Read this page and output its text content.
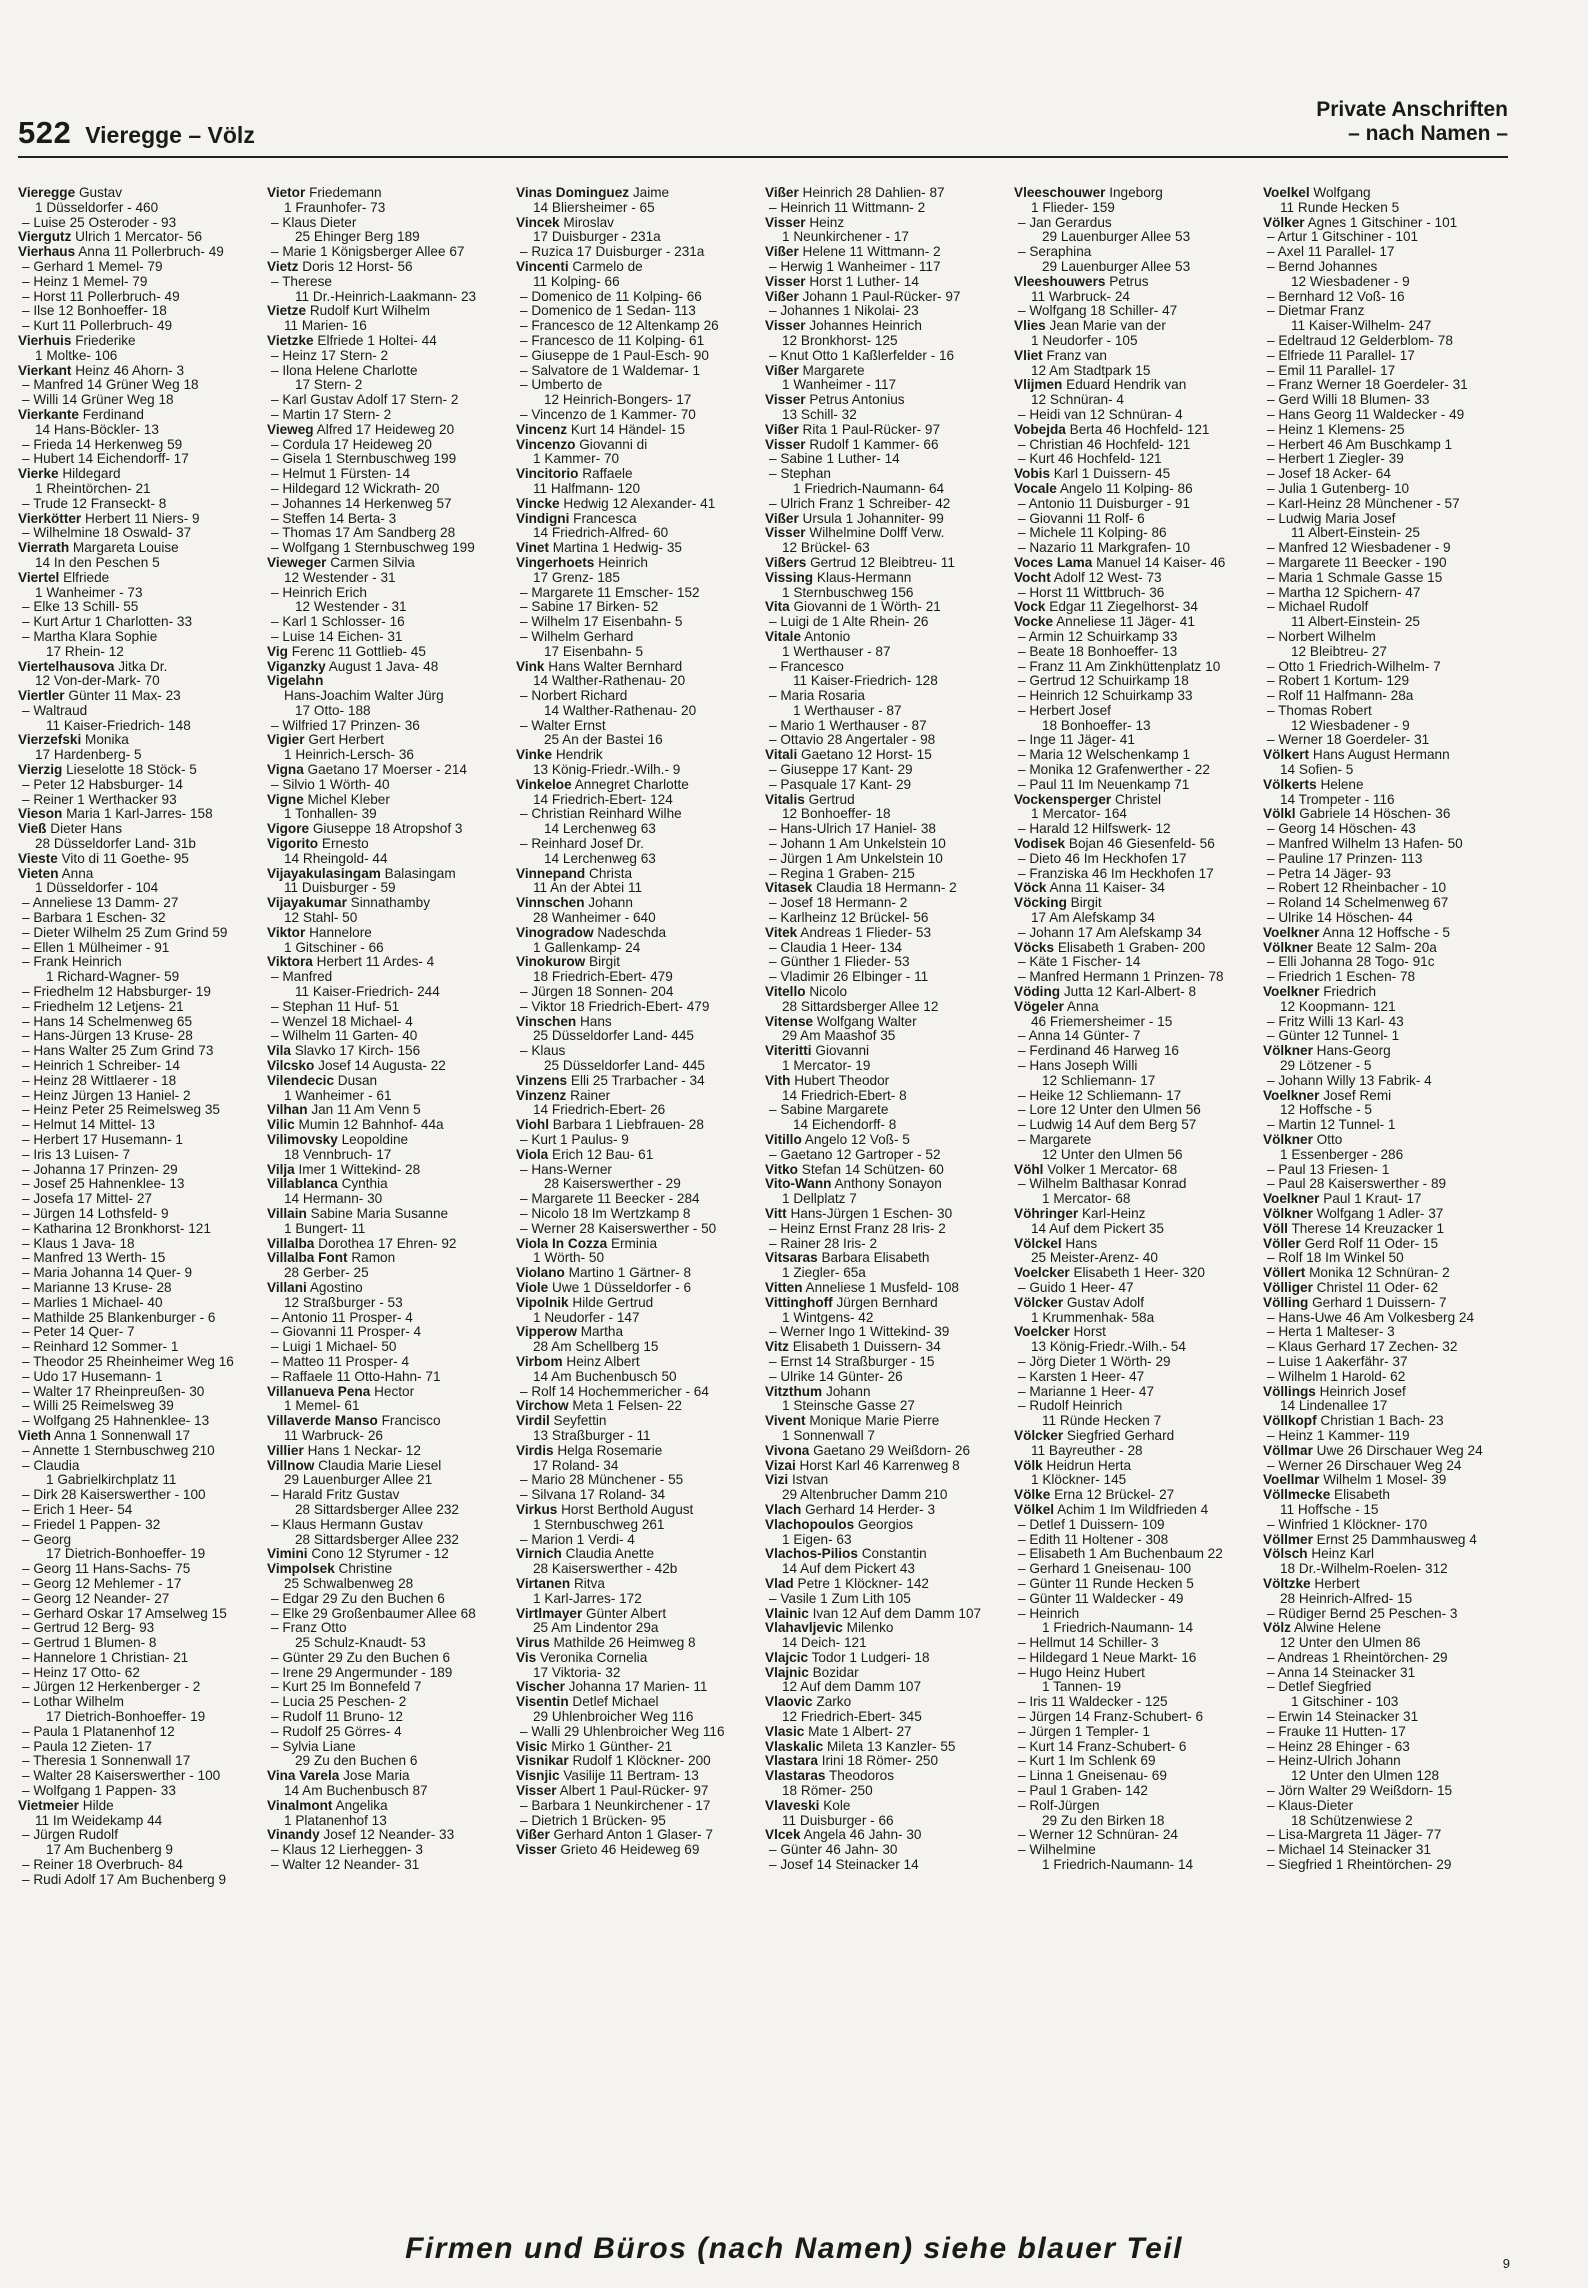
522 Vieregge – Völz
Private Anschriften
– nach Namen –
Vieregge Gustav
1 Düsseldorfer - 460
– Luise 25 Osteroder - 93
Viergutz Ulrich 1 Mercator- 56
Vierhaus Anna 11 Pollerbruch- 49
– Gerhard 1 Memel- 79
– Heinz 1 Memel- 79
– Horst 11 Pollerbruch- 49
– Ilse 12 Bonhoeffer- 18
– Kurt 11 Pollerbruch- 49
Vierhuis Friederike
1 Moltke- 106
Vierkant Heinz 46 Ahorn- 3
– Manfred 14 Grüner Weg 18
– Willi 14 Grüner Weg 18
Vierkante Ferdinand
14 Hans-Böckler- 13
– Frieda 14 Herkenweg 59
– Hubert 14 Eichendorff- 17
Vierke Hildegard
1 Rheintörchen- 21
– Trude 12 Franseckt- 8
Vierkötter Herbert 11 Niers- 9
– Wilhelmine 18 Oswald- 37
Vierrath Margareta Louise
14 In den Peschen 5
Viertel Elfriede
1 Wanheimer - 73
– Elke 13 Schill- 55
– Kurt Artur 1 Charlotten- 33
– Martha Klara Sophie
17 Rhein- 12
Viertelhausova Jitka Dr.
12 Von-der-Mark- 70
Viertler Günter 11 Max- 23
– Waltraud
11 Kaiser-Friedrich- 148
Vierzefski Monika
17 Hardenberg- 5
Vierzig Lieselotte 18 Stöck- 5
– Peter 12 Habsburger- 14
– Reiner 1 Werthacker 93
Vieson Maria 1 Karl-Jarres- 158
Vieß Dieter Hans
28 Düsseldorfer Land- 31b
Vieste Vito di 11 Goethe- 95
Vieten Anna
1 Düsseldorfer - 104
– Anneliese 13 Damm- 27
– Barbara 1 Eschen- 32
– Dieter Wilhelm 25 Zum Grind 59
– Ellen 1 Mülheimer - 91
– Frank Heinrich
1 Richard-Wagner- 59
– Friedhelm 12 Habsburger- 19
– Friedhelm 12 Letjens- 21
– Hans 14 Schelmenweg 65
– Hans-Jürgen 13 Kruse- 28
– Hans Walter 25 Zum Grind 73
– Heinrich 1 Schreiber- 14
– Heinz 28 Wittlaerer - 18
– Heinz Jürgen 13 Haniel- 2
– Heinz Peter 25 Reimelsweg 35
– Helmut 14 Mittel- 13
– Herbert 17 Husemann- 1
– Iris 13 Luisen- 7
– Johanna 17 Prinzen- 29
– Josef 25 Hahnenklee- 13
– Josefa 17 Mittel- 27
– Jürgen 14 Lothsfeld- 9
– Katharina 12 Bronkhorst- 121
– Klaus 1 Java- 18
– Manfred 13 Werth- 15
– Maria Johanna 14 Quer- 9
– Marianne 13 Kruse- 28
– Marlies 1 Michael- 40
– Mathilde 25 Blankenburger - 6
– Peter 14 Quer- 7
– Reinhard 12 Sommer- 1
– Theodor 25 Rheinheimer Weg 16
– Udo 17 Husemann- 1
– Walter 17 Rheinpreußen- 30
– Willi 25 Reimelsweg 39
– Wolfgang 25 Hahnenklee- 13
Vieth Anna 1 Sonnenwall 17
– Annette 1 Sternbuschweg 210
– Claudia
1 Gabrielkirchplatz 11
– Dirk 28 Kaiserswerther - 100
– Erich 1 Heer- 54
– Friedel 1 Pappen- 32
– Georg
17 Dietrich-Bonhoeffer- 19
– Georg 11 Hans-Sachs- 75
– Georg 12 Mehlemer - 17
– Georg 12 Neander- 27
– Gerhard Oskar 17 Amselweg 15
– Gertrud 12 Berg- 93
– Gertrud 1 Blumen- 8
– Hannelore 1 Christian- 21
– Heinz 17 Otto- 62
– Jürgen 12 Herkenberger - 2
– Lothar Wilhelm
17 Dietrich-Bonhoeffer- 19
– Paula 1 Platanenhof 12
– Paula 12 Zieten- 17
– Theresia 1 Sonnenwall 17
– Walter 28 Kaiserswerther - 100
– Wolfgang 1 Pappen- 33
Vietmeier Hilde
11 Im Weidekamp 44
– Jürgen Rudolf
17 Am Buchenberg 9
– Reiner 18 Overbruch- 84
– Rudi Adolf 17 Am Buchenberg 9
Vietor Friedemann
1 Fraunhofer- 73
– Klaus Dieter
25 Ehinger Berg 189
– Marie 1 Königsberger Allee 67
Vietz Doris 12 Horst- 56
– Therese
11 Dr.-Heinrich-Laakmann- 23
Vietze Rudolf Kurt Wilhelm
11 Marien- 16
Vietzke Elfriede 1 Holtei- 44
– Heinz 17 Stern- 2
– Ilona Helene Charlotte
17 Stern- 2
– Karl Gustav Adolf 17 Stern- 2
– Martin 17 Stern- 2
Vieweg Alfred 17 Heideweg 20
– Cordula 17 Heideweg 20
– Gisela 1 Sternbuschweg 199
– Helmut 1 Fürsten- 14
– Hildegard 12 Wickrath- 20
– Johannes 14 Herkenweg 57
– Steffen 14 Berta- 3
– Thomas 17 Am Sandberg 28
– Wolfgang 1 Sternbuschweg 199
Vieweger Carmen Silvia
12 Westender - 31
– Heinrich Erich
12 Westender - 31
– Karl 1 Schlosser- 16
– Luise 14 Eichen- 31
Vig Ferenc 11 Gottlieb- 45
Viganzky August 1 Java- 48
Vigelahn
Hans-Joachim Walter Jürg
17 Otto- 188
– Wilfried 17 Prinzen- 36
Vigier Gert Herbert
1 Heinrich-Lersch- 36
Vigna Gaetano 17 Moerser - 214
– Silvio 1 Wörth- 40
Vigne Michel Kleber
1 Tonhallen- 39
Vigore Giuseppe 18 Atropshof 3
Vigorito Ernesto
14 Rheingold- 44
Vijayakulasingam Balasingam
11 Duisburger - 59
Vijayakumar Sinnathamby
12 Stahl- 50
Viktor Hannelore
1 Gitschiner - 66
Viktora Herbert 11 Ardes- 4
– Manfred
11 Kaiser-Friedrich- 244
– Stephan 11 Huf- 51
– Wenzel 18 Michael- 4
– Wilhelm 11 Garten- 40
Vila Slavko 17 Kirch- 156
Vilcsko Josef 14 Augusta- 22
Vilendecic Dusan
1 Wanheimer - 61
Vilhan Jan 11 Am Venn 5
Vilic Mumin 12 Bahnhof- 44a
Vilimovsky Leopoldine
18 Vennbruch- 17
Vilja Imer 1 Wittekind- 28
Villablanca Cynthia
14 Hermann- 30
Villain Sabine Maria Susanne
1 Bungert- 11
Villalba Dorothea 17 Ehren- 92
Villalba Font Ramon
28 Gerber- 25
Villani Agostino
12 Straßburger - 53
– Antonio 11 Prosper- 4
– Giovanni 11 Prosper- 4
– Luigi 1 Michael- 50
– Matteo 11 Prosper- 4
– Raffaele 11 Otto-Hahn- 71
Villanueva Pena Hector
1 Memel- 61
Villaverde Manso Francisco
11 Warbruck- 26
Villier Hans 1 Neckar- 12
Villnow Claudia Marie Liesel
29 Lauenburger Allee 21
– Harald Fritz Gustav
28 Sittardsberger Allee 232
– Klaus Hermann Gustav
28 Sittardsberger Allee 232
Vimini Cono 12 Styrumer - 12
Vimpolsek Christine
25 Schwalbenweg 28
– Edgar 29 Zu den Buchen 6
– Elke 29 Großenbaumer Allee 68
– Franz Otto
25 Schulz-Knaudt- 53
– Günter 29 Zu den Buchen 6
– Irene 29 Angermunder - 189
– Kurt 25 Im Bonnefeld 7
– Lucia 25 Peschen- 2
– Rudolf 11 Bruno- 12
– Rudolf 25 Görres- 4
– Sylvia Liane
29 Zu den Buchen 6
Vina Varela Jose Maria
14 Am Buchenbusch 87
Vinalmont Angelika
1 Platanenhof 13
Vinandy Josef 12 Neander- 33
– Klaus 12 Lierheggen- 3
– Walter 12 Neander- 31
Vinas Dominguez Jaime
14 Bliersheimer - 65
Vincek Miroslav
17 Duisburger - 231a
– Ruzica 17 Duisburger - 231a
Vincenti Carmelo de
11 Kolping- 66
– Domenico de 11 Kolping- 66
– Domenico de 1 Sedan- 113
– Francesco de 12 Altenkamp 26
– Francesco de 11 Kolping- 61
– Giuseppe de 1 Paul-Esch- 90
– Salvatore de 1 Waldemar- 1
– Umberto de
12 Heinrich-Bongers- 17
– Vincenzo de 1 Kammer- 70
Vincenz Kurt 14 Händel- 15
Vincenzo Giovanni di
1 Kammer- 70
Vincitorio Raffaele
11 Halfmann- 120
Vincke Hedwig 12 Alexander- 41
Vindigni Francesca
14 Friedrich-Alfred- 60
Vinet Martina 1 Hedwig- 35
Vingerhoets Heinrich
17 Grenz- 185
– Margarete 11 Emscher- 152
– Sabine 17 Birken- 52
– Wilhelm 17 Eisenbahn- 5
– Wilhelm Gerhard
17 Eisenbahn- 5
Vink Hans Walter Bernhard
14 Walther-Rathenau- 20
– Norbert Richard
14 Walther-Rathenau- 20
– Walter Ernst
25 An der Bastei 16
Vinke Hendrik
13 König-Friedr.-Wilh.- 9
Vinkeloe Annegret Charlotte
14 Friedrich-Ebert- 124
– Christian Reinhard Wilhe
14 Lerchenweg 63
– Reinhard Josef Dr.
14 Lerchenweg 63
Vinnepand Christa
11 An der Abtei 11
Vinnschen Johann
28 Wanheimer - 640
Vinogradow Nadeschda
1 Gallenkamp- 24
Vinokurow Birgit
18 Friedrich-Ebert- 479
– Jürgen 18 Sonnen- 204
– Viktor 18 Friedrich-Ebert- 479
Vinschen Hans
25 Düsseldorfer Land- 445
– Klaus
25 Düsseldorfer Land- 445
Vinzens Elli 25 Trarbacher - 34
Vinzenz Rainer
14 Friedrich-Ebert- 26
Viohl Barbara 1 Liebfrauen- 28
– Kurt 1 Paulus- 9
Viola Erich 12 Bau- 61
– Hans-Werner
28 Kaiserswerther - 29
– Margarete 11 Beecker - 284
– Nicolo 18 Im Wertzkamp 8
– Werner 28 Kaiserswerther - 50
Viola In Cozza Erminia
1 Wörth- 50
Violano Martino 1 Gärtner- 8
Viole Uwe 1 Düsseldorfer - 6
Vipolnik Hilde Gertrud
1 Neudorfer - 147
Vipperow Martha
28 Am Schellberg 15
Virbom Heinz Albert
14 Am Buchenbusch 50
– Rolf 14 Hochemmericher - 64
Virchow Meta 1 Felsen- 22
Virdil Seyfettin
13 Straßburger - 11
Virdis Helga Rosemarie
17 Roland- 34
– Mario 28 Münchener - 55
– Silvana 17 Roland- 34
Virkus Horst Berthold August
1 Sternbuschweg 261
– Marion 1 Verdi- 4
Virnich Claudia Anette
28 Kaiserswerther - 42b
Virtanen Ritva
1 Karl-Jarres- 172
Virtlmayer Günter Albert
25 Am Lindentor 29a
Virus Mathilde 26 Heimweg 8
Vis Veronika Cornelia
17 Viktoria- 32
Vischer Johanna 17 Marien- 11
Visentin Detlef Michael
29 Uhlenbroicher Weg 116
– Walli 29 Uhlenbroicher Weg 116
Visic Mirko 1 Günther- 21
Visnikar Rudolf 1 Klöckner- 200
Visnjic Vasilije 11 Bertram- 13
Visser Albert 1 Paul-Rücker- 97
– Barbara 1 Neunkirchener - 17
– Dietrich 1 Brücken- 95
Vißer Gerhard Anton 1 Glaser- 7
Visser Grieto 46 Heideweg 69
Vißer Heinrich 28 Dahlien- 87
– Heinrich 11 Wittmann- 2
Visser Heinz
1 Neunkirchener - 17
Vißer Helene 11 Wittmann- 2
– Herwig 1 Wanheimer - 117
Visser Horst 1 Luther- 14
Vißer Johann 1 Paul-Rücker- 97
– Johannes 1 Nikolai- 23
Visser Johannes Heinrich
12 Bronkhorst- 125
– Knut Otto 1 Kaßlerfelder - 16
Vißer Margarete
1 Wanheimer - 117
Visser Petrus Antonius
13 Schill- 32
Vißer Rita 1 Paul-Rücker- 97
Visser Rudolf 1 Kammer- 66
– Sabine 1 Luther- 14
– Stephan
1 Friedrich-Naumann- 64
– Ulrich Franz 1 Schreiber- 42
Vißer Ursula 1 Johanniter- 99
Visser Wilhelmine Dolff Verw.
12 Brückel- 63
Vißers Gertrud 12 Bleibtreu- 11
Vissing Klaus-Hermann
1 Sternbuschweg 156
Vita Giovanni de 1 Wörth- 21
– Luigi de 1 Alte Rhein- 26
Vitale Antonio
1 Werthauser - 87
– Francesco
11 Kaiser-Friedrich- 128
– Maria Rosaria
1 Werthauser - 87
– Mario 1 Werthauser - 87
– Ottavio 28 Angertaler - 98
Vitali Gaetano 12 Horst- 15
– Giuseppe 17 Kant- 29
– Pasquale 17 Kant- 29
Vitalis Gertrud
12 Bonhoeffer- 18
– Hans-Ulrich 17 Haniel- 38
– Johann 1 Am Unkelstein 10
– Jürgen 1 Am Unkelstein 10
– Regina 1 Graben- 215
Vitasek Claudia 18 Hermann- 2
– Josef 18 Hermann- 2
– Karlheinz 12 Brückel- 56
Vitek Andreas 1 Flieder- 53
– Claudia 1 Heer- 134
– Günther 1 Flieder- 53
– Vladimir 26 Elbinger - 11
Vitello Nicolo
28 Sittardsberger Allee 12
Vitense Wolfgang Walter
29 Am Maashof 35
Viteritti Giovanni
1 Mercator- 19
Vith Hubert Theodor
14 Friedrich-Ebert- 8
– Sabine Margarete
14 Eichendorff- 8
Vitillo Angelo 12 Voß- 5
– Gaetano 12 Gartroper - 52
Vitko Stefan 14 Schützen- 60
Vito-Wann Anthony Sonayon
1 Dellplatz 7
Vitt Hans-Jürgen 1 Eschen- 30
– Heinz Ernst Franz 28 Iris- 2
– Rainer 28 Iris- 2
Vitsaras Barbara Elisabeth
1 Ziegler- 65a
Vitten Anneliese 1 Musfeld- 108
Vittinghoff Jürgen Bernhard
1 Wintgens- 42
– Werner Ingo 1 Wittekind- 39
Vitz Elisabeth 1 Duissern- 34
– Ernst 14 Straßburger - 15
– Ulrike 14 Günter- 26
Vitzthum Johann
1 Steinsche Gasse 27
Vivent Monique Marie Pierre
1 Sonnenwall 7
Vivona Gaetano 29 Weißdorn- 26
Vizai Horst Karl 46 Karrenweg 8
Vizi Istvan
29 Altenbrucher Damm 210
Vlach Gerhard 14 Herder- 3
Vlachopoulos Georgios
1 Eigen- 63
Vlachos-Pilios Constantin
14 Auf dem Pickert 43
Vlad Petre 1 Klöckner- 142
– Vasile 1 Zum Lith 105
Vlainic Ivan 12 Auf dem Damm 107
Vlahavljevic Milenko
14 Deich- 121
Vlajcic Todor 1 Ludgeri- 18
Vlajnic Bozidar
12 Auf dem Damm 107
Vlaovic Zarko
12 Friedrich-Ebert- 345
Vlasic Mate 1 Albert- 27
Vlaskalic Mileta 13 Kanzler- 55
Vlastara Irini 18 Römer- 250
Vlastaras Theodoros
18 Römer- 250
Vlaveski Kole
11 Duisburger - 66
Vlcek Angela 46 Jahn- 30
– Günter 46 Jahn- 30
– Josef 14 Steinacker 14
Vleeschouwer Ingeborg
1 Flieder- 159
– Jan Gerardus
29 Lauenburger Allee 53
– Seraphina
29 Lauenburger Allee 53
Vleeshouwers Petrus
11 Warbruck- 24
– Wolfgang 18 Schiller- 47
Vlies Jean Marie van der
1 Neudorfer - 105
Vliet Franz van
12 Am Stadtpark 15
Vlijmen Eduard Hendrik van
12 Schnüran- 4
– Heidi van 12 Schnüran- 4
Vobejda Berta 46 Hochfeld- 121
– Christian 46 Hochfeld- 121
– Kurt 46 Hochfeld- 121
Vobis Karl 1 Duissern- 45
Vocale Angelo 11 Kolping- 86
– Antonio 11 Duisburger - 91
– Giovanni 11 Rolf- 6
– Michele 11 Kolping- 86
– Nazario 11 Markgrafen- 10
Voces Lama Manuel 14 Kaiser- 46
Vocht Adolf 12 West- 73
– Horst 11 Wittbruch- 36
Vock Edgar 11 Ziegelhorst- 34
Vocke Anneliese 11 Jäger- 41
– Armin 12 Schuirkamp 33
– Beate 18 Bonhoeffer- 13
– Franz 11 Am Zinkhüttenplatz 10
– Gertrud 12 Schuirkamp 18
– Heinrich 12 Schuirkamp 33
– Herbert Josef
18 Bonhoeffer- 13
– Inge 11 Jäger- 41
– Maria 12 Welschenkamp 1
– Monika 12 Grafenwerther - 22
– Paul 11 Im Neuenkamp 71
Vockensperger Christel
1 Mercator- 164
– Harald 12 Hilfswerk- 12
Vodisek Bojan 46 Giesenfeld- 56
– Dieto 46 Im Heckhofen 17
– Franziska 46 Im Heckhofen 17
Vöck Anna 11 Kaiser- 34
Vöcking Birgit
17 Am Alefskamp 34
– Johann 17 Am Alefskamp 34
Vöcks Elisabeth 1 Graben- 200
– Käte 1 Fischer- 14
– Manfred Hermann 1 Prinzen- 78
Vöding Jutta 12 Karl-Albert- 8
Vögeler Anna
46 Friemersheimer - 15
– Anna 14 Günter- 7
– Ferdinand 46 Harweg 16
– Hans Joseph Willi
12 Schliemann- 17
– Heike 12 Schliemann- 17
– Lore 12 Unter den Ulmen 56
– Ludwig 14 Auf dem Berg 57
– Margarete
12 Unter den Ulmen 56
Vöhl Volker 1 Mercator- 68
– Wilhelm Balthasar Konrad
1 Mercator- 68
Vöhringer Karl-Heinz
14 Auf dem Pickert 35
Völckel Hans
25 Meister-Arenz- 40
Voelcker Elisabeth 1 Heer- 320
– Guido 1 Heer- 47
Völcker Gustav Adolf
1 Krummenhak- 58a
Voelcker Horst
13 König-Friedr.-Wilh.- 54
– Jörg Dieter 1 Wörth- 29
– Karsten 1 Heer- 47
– Marianne 1 Heer- 47
– Rudolf Heinrich
11 Ründe Hecken 7
Völcker Siegfried Gerhard
11 Bayreuther - 28
Völk Heidrun Herta
1 Klöckner- 145
Völke Erna 12 Brückel- 27
Völkel Achim 1 Im Wildfrieden 4
– Detlef 1 Duissern- 109
– Edith 11 Holtener - 308
– Elisabeth 1 Am Buchenbaum 22
– Gerhard 1 Gneisenau- 100
– Günter 11 Runde Hecken 5
– Günter 11 Waldecker - 49
– Heinrich
1 Friedrich-Naumann- 14
– Hellmut 14 Schiller- 3
– Hildegard 1 Neue Markt- 16
– Hugo Heinz Hubert
1 Tannen- 19
– Iris 11 Waldecker - 125
– Jürgen 14 Franz-Schubert- 6
– Jürgen 1 Templer- 1
– Kurt 14 Franz-Schubert- 6
– Kurt 1 Im Schlenk 69
– Linna 1 Gneisenau- 69
– Paul 1 Graben- 142
– Rolf-Jürgen
29 Zu den Birken 18
– Werner 12 Schnüran- 24
– Wilhelmine
1 Friedrich-Naumann- 14
Voelkel Wolfgang
11 Runde Hecken 5
Völker Agnes 1 Gitschiner - 101
– Artur 1 Gitschiner - 101
– Axel 11 Parallel- 17
– Bernd Johannes
12 Wiesbadener - 9
– Bernhard 12 Voß- 16
– Dietmar Franz
11 Kaiser-Wilhelm- 247
– Edeltraud 12 Gelderblom- 78
– Elfriede 11 Parallel- 17
– Emil 11 Parallel- 17
– Franz Werner 18 Goerdeler- 31
– Gerd Willi 18 Blumen- 33
– Hans Georg 11 Waldecker - 49
– Heinz 1 Klemens- 25
– Herbert 46 Am Buschkamp 1
– Herbert 1 Ziegler- 39
– Josef 18 Acker- 64
– Julia 1 Gutenberg- 10
– Karl-Heinz 28 Münchener - 57
– Ludwig Maria Josef
11 Albert-Einstein- 25
– Manfred 12 Wiesbadener - 9
– Margarete 11 Beecker - 190
– Maria 1 Schmale Gasse 15
– Martha 12 Spichern- 47
– Michael Rudolf
11 Albert-Einstein- 25
– Norbert Wilhelm
12 Bleibtreu- 27
– Otto 1 Friedrich-Wilhelm- 7
– Robert 1 Kortum- 129
– Rolf 11 Halfmann- 28a
– Thomas Robert
12 Wiesbadener - 9
– Werner 18 Goerdeler- 31
Völkert Hans August Hermann
14 Sofien- 5
Völkerts Helene
14 Trompeter - 116
Völkl Gabriele 14 Höschen- 36
– Georg 14 Höschen- 43
– Manfred Wilhelm 13 Hafen- 50
– Pauline 17 Prinzen- 113
– Petra 14 Jäger- 93
– Robert 12 Rheinbacher - 10
– Roland 14 Schelmenweg 67
– Ulrike 14 Höschen- 44
Voelkner Anna 12 Hoffsche - 5
Völkner Beate 12 Salm- 20a
– Elli Johanna 28 Togo- 91c
– Friedrich 1 Eschen- 78
Voelkner Friedrich
12 Koopmann- 121
– Fritz Willi 13 Karl- 43
– Günter 12 Tunnel- 1
Völkner Hans-Georg
29 Lötzener - 5
– Johann Willy 13 Fabrik- 4
Voelkner Josef Remi
12 Hoffsche - 5
– Martin 12 Tunnel- 1
Völkner Otto
1 Essenberger - 286
– Paul 13 Friesen- 1
– Paul 28 Kaiserswerther - 89
Voelkner Paul 1 Kraut- 17
Völkner Wolfgang 1 Adler- 37
Völl Therese 14 Kreuzacker 1
Völler Gerd Rolf 11 Oder- 15
– Rolf 18 Im Winkel 50
Völlert Monika 12 Schnüran- 2
Völliger Christel 11 Oder- 62
Völling Gerhard 1 Duissern- 7
– Hans-Uwe 46 Am Volkesberg 24
– Herta 1 Malteser- 3
– Klaus Gerhard 17 Zechen- 32
– Luise 1 Aakerfähr- 37
– Wilhelm 1 Harold- 62
Völlings Heinrich Josef
14 Lindenallee 17
Völlkopf Christian 1 Bach- 23
– Heinz 1 Kammer- 119
Völlmar Uwe 26 Dirschauer Weg 24
– Werner 26 Dirschauer Weg 24
Voellmar Wilhelm 1 Mosel- 39
Völlmecke Elisabeth
11 Hoffsche - 15
– Winfried 1 Klöckner- 170
Völlmer Ernst 25 Dammhausweg 4
Völsch Heinz Karl
18 Dr.-Wilhelm-Roelen- 312
Völtzke Herbert
28 Heinrich-Alfred- 15
– Rüdiger Bernd 25 Peschen- 3
Völz Alwine Helene
12 Unter den Ulmen 86
– Andreas 1 Rheintörchen- 29
– Anna 14 Steinacker 31
– Detlef Siegfried
1 Gitschiner - 103
– Erwin 14 Steinacker 31
– Frauke 11 Hutten- 17
– Heinz 28 Ehinger - 63
– Heinz-Ulrich Johann
12 Unter den Ulmen 128
– Jörn Walter 29 Weißdorn- 15
– Klaus-Dieter
18 Schützenwiese 2
– Lisa-Margreta 11 Jäger- 77
– Michael 14 Steinacker 31
– Siegfried 1 Rheintörchen- 29
Firmen und Büros (nach Namen) siehe blauer Teil	9
